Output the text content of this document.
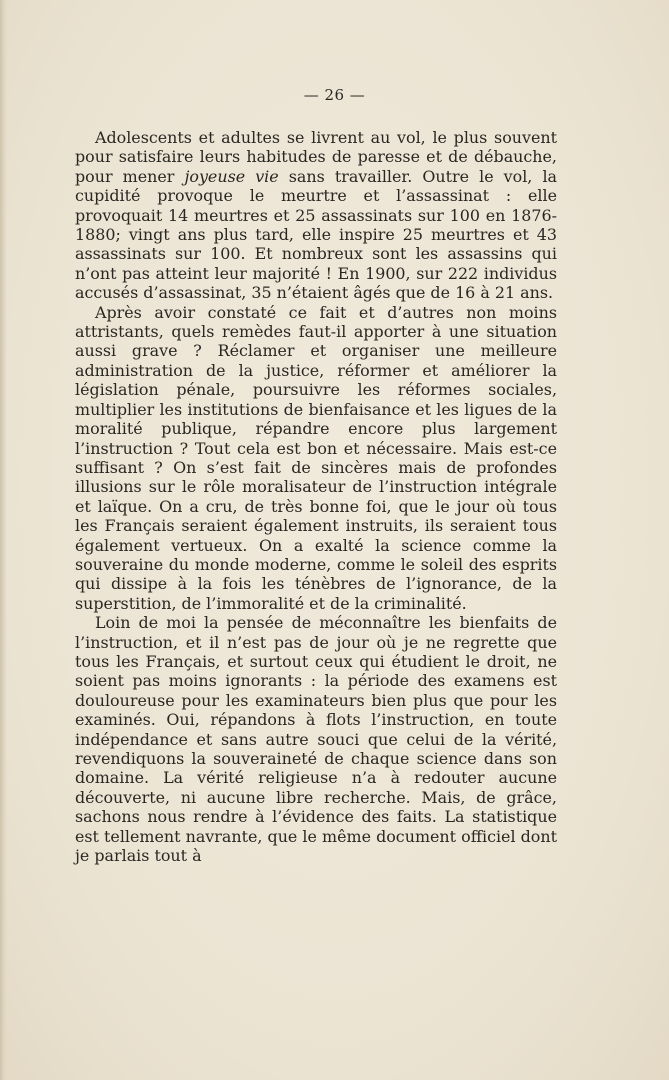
— 26 —

Adolescents et adultes se livrent au vol, le plus souvent pour satisfaire leurs habitudes de paresse et de débauche, pour mener joyeuse vie sans travailler. Outre le vol, la cupidité provoque le meurtre et l’assassinat : elle provoquait 14 meurtres et 25 assassinats sur 100 en 1876-1880; vingt ans plus tard, elle inspire 25 meurtres et 43 assassinats sur 100. Et nombreux sont les assassins qui n’ont pas atteint leur majorité ! En 1900, sur 222 individus accusés d’assassinat, 35 n’étaient âgés que de 16 à 21 ans.

Après avoir constaté ce fait et d’autres non moins attristants, quels remèdes faut-il apporter à une situation aussi grave ? Réclamer et organiser une meilleure administration de la justice, réformer et améliorer la législation pénale, poursuivre les réformes sociales, multiplier les institutions de bienfaisance et les ligues de la moralité publique, répandre encore plus largement l’instruction ? Tout cela est bon et nécessaire. Mais est-ce suffisant ? On s’est fait de sincères mais de profondes illusions sur le rôle moralisateur de l’instruction intégrale et laïque. On a cru, de très bonne foi, que le jour où tous les Français seraient également instruits, ils seraient tous également vertueux. On a exalté la science comme la souveraine du monde moderne, comme le soleil des esprits qui dissipe à la fois les ténèbres de l’ignorance, de la superstition, de l’immoralité et de la criminalité.

Loin de moi la pensée de méconnaître les bienfaits de l’instruction, et il n’est pas de jour où je ne regrette que tous les Français, et surtout ceux qui étudient le droit, ne soient pas moins ignorants : la période des examens est douloureuse pour les examinateurs bien plus que pour les examinés. Oui, répandons à flots l’instruction, en toute indépendance et sans autre souci que celui de la vérité, revendiquons la souveraineté de chaque science dans son domaine. La vérité religieuse n’a à redouter aucune découverte, ni aucune libre recherche. Mais, de grâce, sachons nous rendre à l’évidence des faits. La statistique est tellement navrante, que le même document officiel dont je parlais tout à
